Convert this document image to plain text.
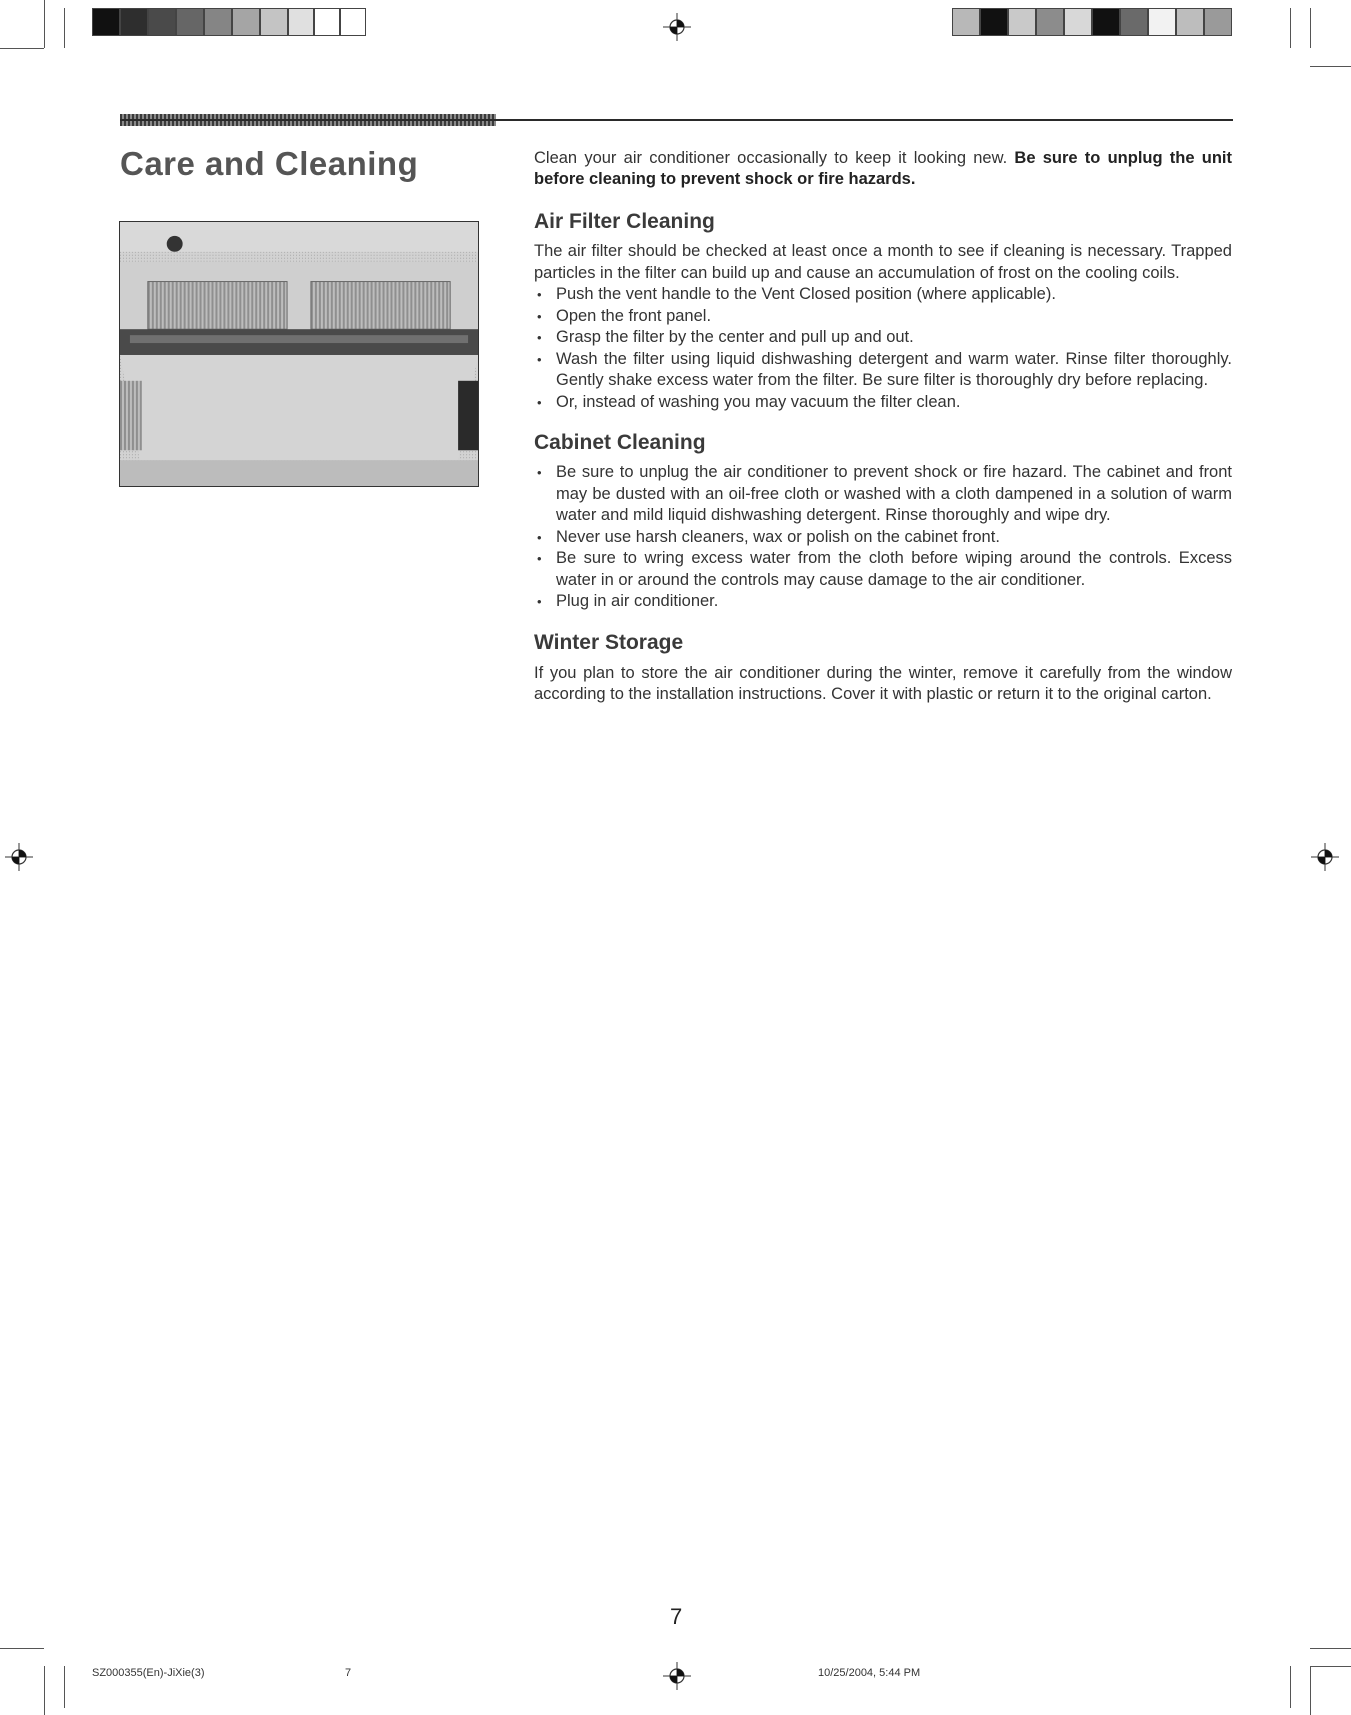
Care and Cleaning	Clean your air conditioner occasionally to keep it looking new. Be sure to unplug the unit before cleaning to prevent shock or fire hazards.

Air Filter Cleaning

The air filter should be checked at least once a month to see if cleaning is necessary. Trapped particles in the filter can build up and cause an accumulation of frost on the cooling coils.

• Push the vent handle to the Vent Closed position (where applicable).
• Open the front panel.
• Grasp the filter by the center and pull up and out.
• Wash the filter using liquid dishwashing detergent and warm water. Rinse filter thoroughly. Gently shake excess water from the filter. Be sure filter is thoroughly dry before replacing.
• Or, instead of washing you may vacuum the filter clean.
Cabinet Cleaning
• Be sure to unplug the air conditioner to prevent shock or fire hazard. The cabinet and front may be dusted with an oil-free cloth or washed with a cloth dampened in a solution of warm water and mild liquid dishwashing detergent. Rinse thoroughly and wipe dry.
• Never use harsh cleaners, wax or polish on the cabinet front.
• Be sure to wring excess water from the cloth before wiping around the controls. Excess water in or around the controls may cause damage to the air conditioner.
• Plug in air conditioner.
Winter Storage

If you plan to store the air conditioner during the winter, remove it carefully from the window according to the installation instructions. Cover it with plastic or return it to the original carton.

7
SZ000355(En)-JiXie(3)	7	10/25/2004, 5:44 PM
